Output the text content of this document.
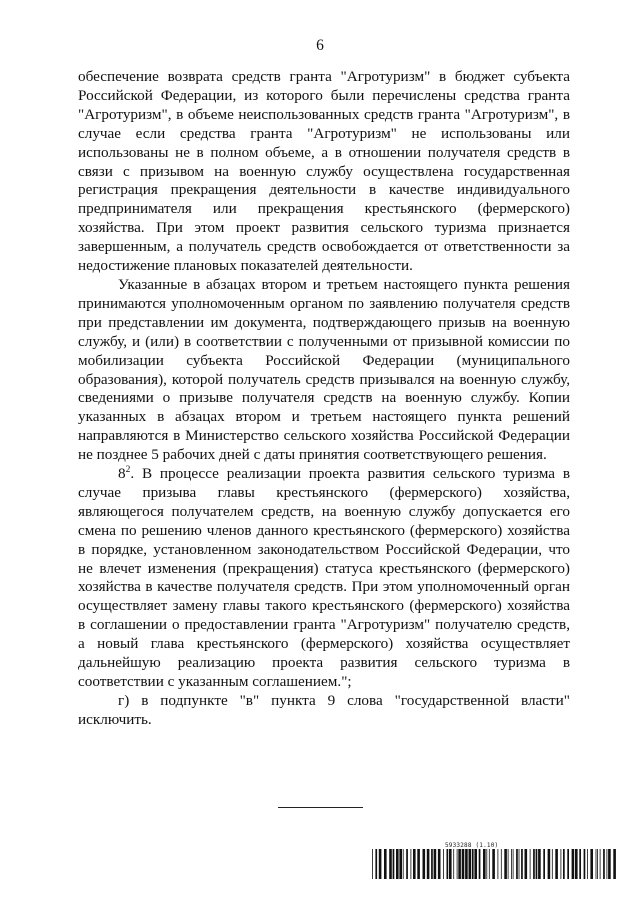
6

обеспечение возврата средств гранта "Агротуризм" в бюджет субъекта Российской Федерации, из которого были перечислены средства гранта "Агротуризм", в объеме неиспользованных средств гранта "Агротуризм", в случае если средства гранта "Агротуризм" не использованы или использованы не в полном объеме, а в отношении получателя средств в связи с призывом на военную службу осуществлена государственная регистрация прекращения деятельности в качестве индивидуального предпринимателя или прекращения крестьянского (фермерского) хозяйства. При этом проект развития сельского туризма признается завершенным, а получатель средств освобождается от ответственности за недостижение плановых показателей деятельности.

Указанные в абзацах втором и третьем настоящего пункта решения принимаются уполномоченным органом по заявлению получателя средств при представлении им документа, подтверждающего призыв на военную службу, и (или) в соответствии с полученными от призывной комиссии по мобилизации субъекта Российской Федерации (муниципального образования), которой получатель средств призывался на военную службу, сведениями о призыве получателя средств на военную службу. Копии указанных в абзацах втором и третьем настоящего пункта решений направляются в Министерство сельского хозяйства Российской Федерации не позднее 5 рабочих дней с даты принятия соответствующего решения.

$8^2$. В процессе реализации проекта развития сельского туризма в случае призыва главы крестьянского (фермерского) хозяйства, являющегося получателем средств, на военную службу допускается его смена по решению членов данного крестьянского (фермерского) хозяйства в порядке, установленном законодательством Российской Федерации, что не влечет изменения (прекращения) статуса крестьянского (фермерского) хозяйства в качестве получателя средств. При этом уполномоченный орган осуществляет замену главы такого крестьянского (фермерского) хозяйства в соглашении о предоставлении гранта "Агротуризм" получателю средств, а новый глава крестьянского (фермерского) хозяйства осуществляет дальнейшую реализацию проекта развития сельского туризма в соответствии с указанным соглашением.";

г) в подпункте "в" пункта 9 слова "государственной власти" исключить.

5933288 (1.10)
